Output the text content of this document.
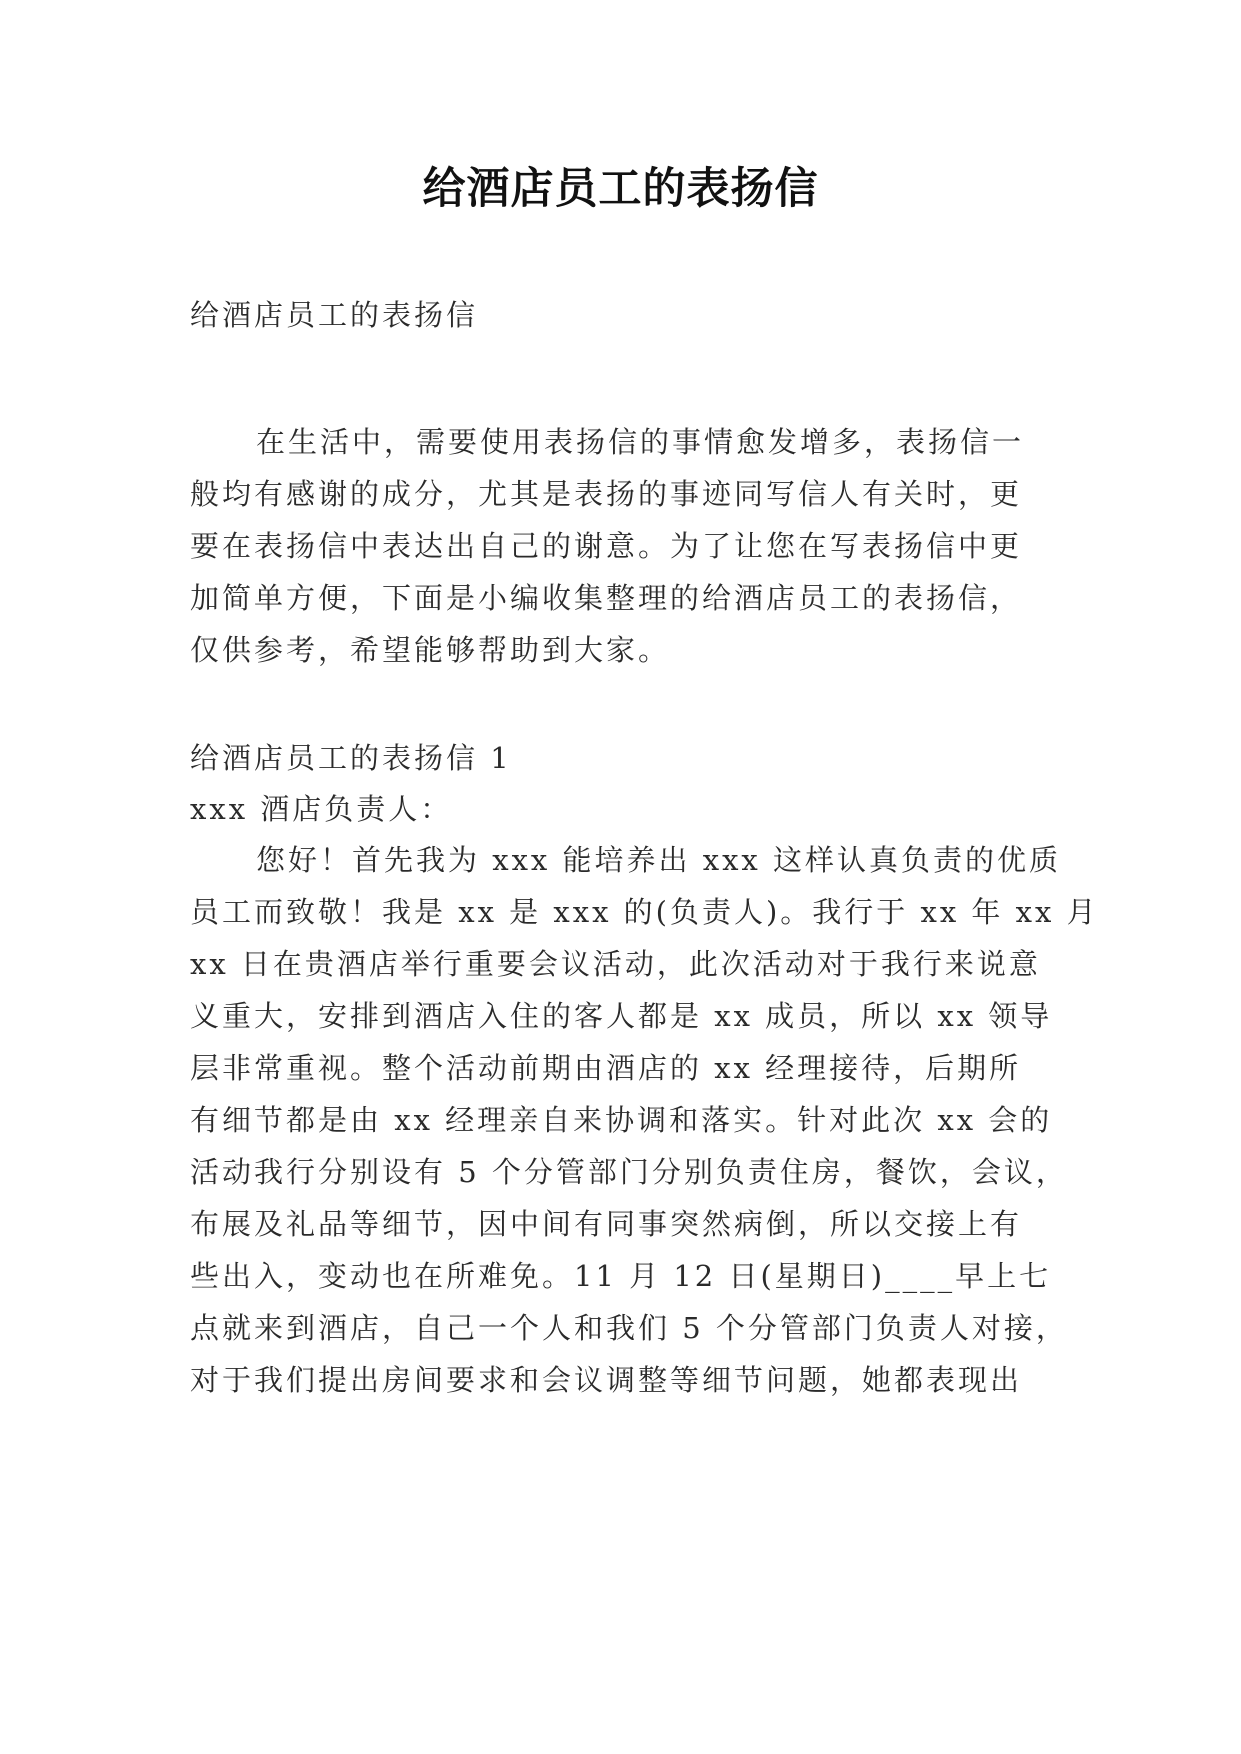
给酒店员工的表扬信
给酒店员工的表扬信
在生活中，需要使用表扬信的事情愈发增多，表扬信一
般均有感谢的成分，尤其是表扬的事迹同写信人有关时，更
要在表扬信中表达出自己的谢意。为了让您在写表扬信中更
加简单方便，下面是小编收集整理的给酒店员工的表扬信，
仅供参考，希望能够帮助到大家。
给酒店员工的表扬信 1
xxx 酒店负责人：
您好！首先我为 xxx 能培养出 xxx 这样认真负责的优质
员工而致敬！我是 xx 是 xxx 的(负责人)。我行于 xx 年 xx 月
xx 日在贵酒店举行重要会议活动，此次活动对于我行来说意
义重大，安排到酒店入住的客人都是 xx 成员，所以 xx 领导
层非常重视。整个活动前期由酒店的 xx 经理接待，后期所
有细节都是由 xx 经理亲自来协调和落实。针对此次 xx 会的
活动我行分别设有 5 个分管部门分别负责住房，餐饮，会议，
布展及礼品等细节，因中间有同事突然病倒，所以交接上有
些出入，变动也在所难免。11 月 12 日(星期日)____早上七
点就来到酒店，自己一个人和我们 5 个分管部门负责人对接，
对于我们提出房间要求和会议调整等细节问题，她都表现出
